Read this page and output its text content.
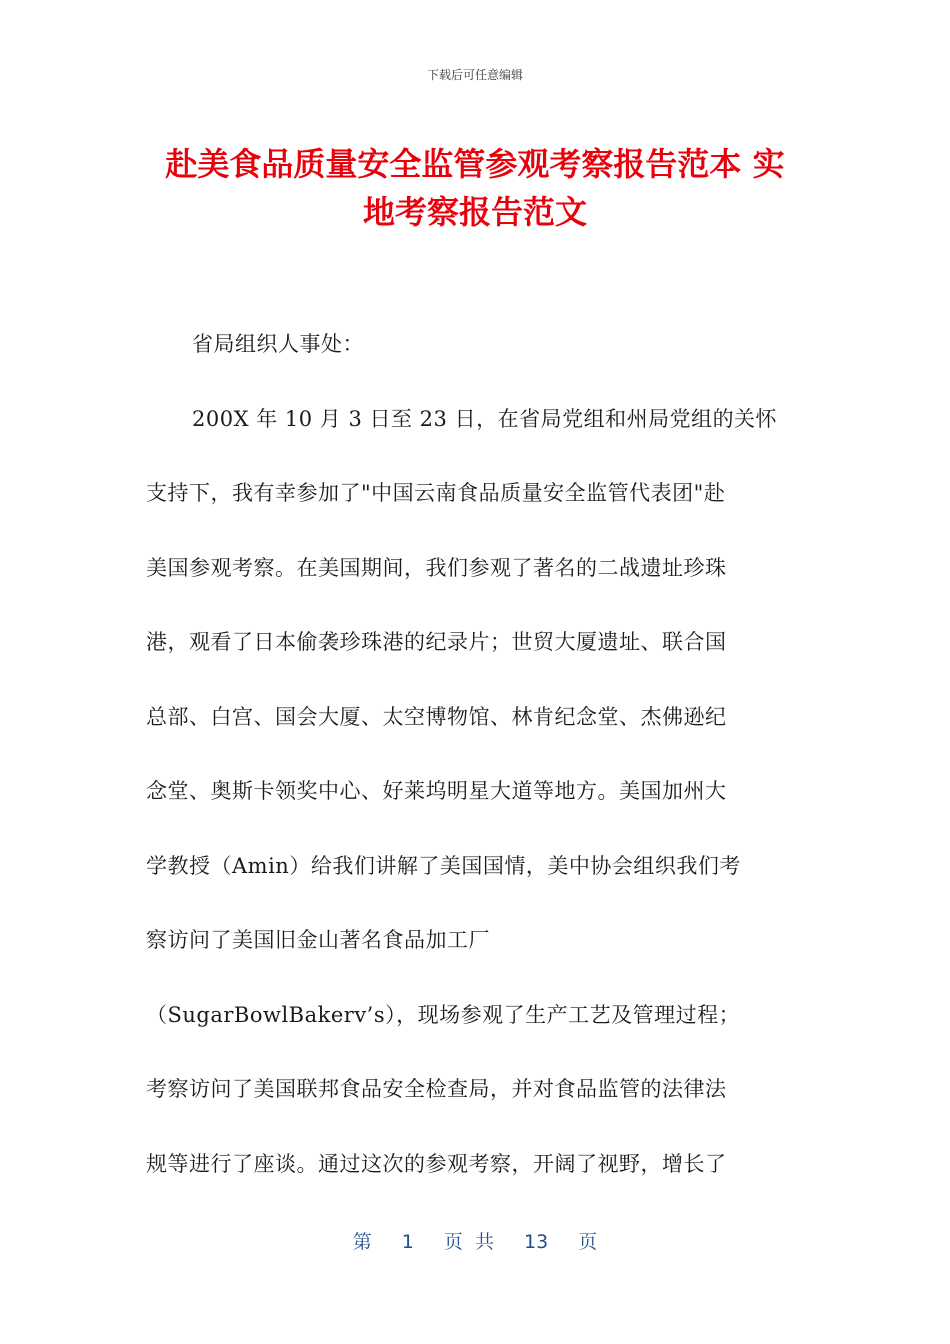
下载后可任意编辑
赴美食品质量安全监管参观考察报告范本 实
地考察报告范文
省局组织人事处：
200X 年 10 月 3 日至 23 日，在省局党组和州局党组的关怀
支持下，我有幸参加了"中国云南食品质量安全监管代表团"赴
美国参观考察。在美国期间，我们参观了著名的二战遗址珍珠
港，观看了日本偷袭珍珠港的纪录片；世贸大厦遗址、联合国
总部、白宫、国会大厦、太空博物馆、林肯纪念堂、杰佛逊纪
念堂、奥斯卡领奖中心、好莱坞明星大道等地方。美国加州大
学教授（Amin）给我们讲解了美国国情，美中协会组织我们考
察访问了美国旧金山著名食品加工厂
（SugarBowlBakerv’s），现场参观了生产工艺及管理过程；
考察访问了美国联邦食品安全检查局，并对食品监管的法律法
规等进行了座谈。通过这次的参观考察，开阔了视野，增长了
第 1 页 共 13 页
